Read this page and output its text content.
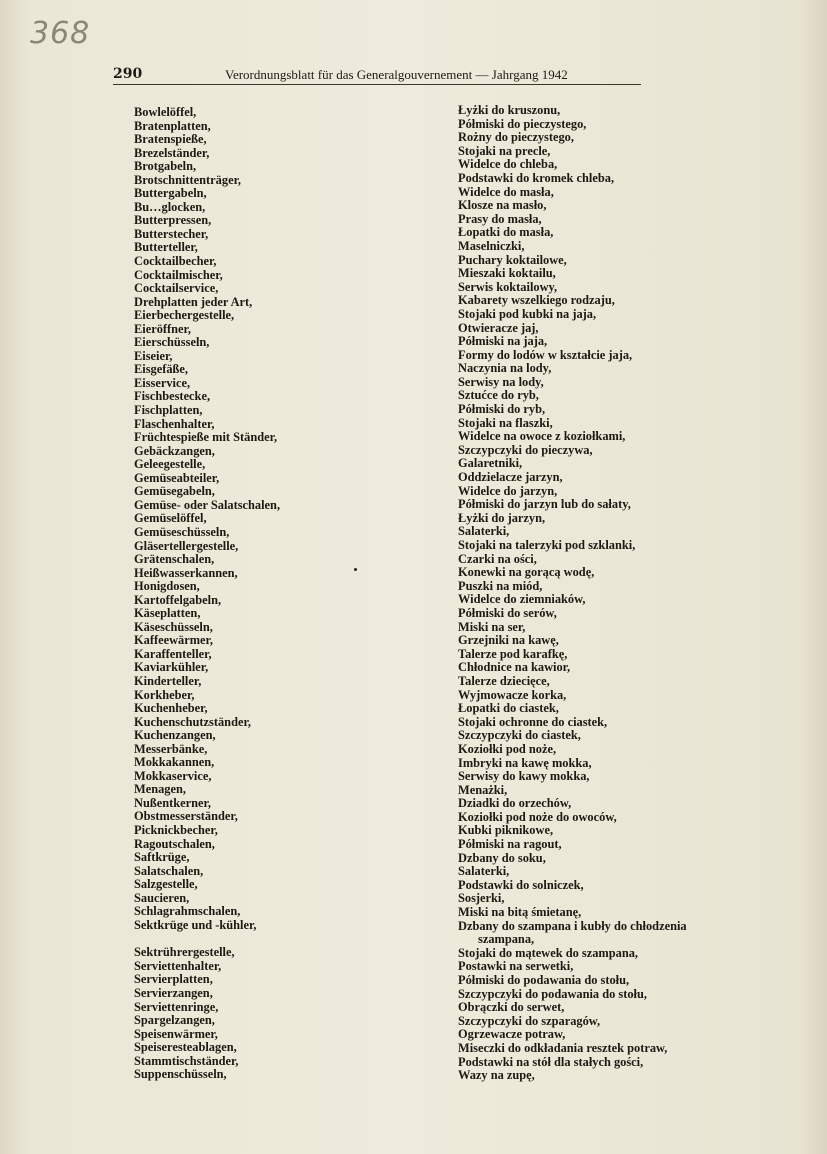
368
290	Verordnungsblatt für das Generalgouvernement — Jahrgang 1942
Bowlelöffel,
Bratenplatten,
Bratenspieße,
Brezelständer,
Brotgabeln,
Brotschnittenträger,
Buttergabeln,
Bu…glocken,
Butterpressen,
Butterstecher,
Butterteller,
Cocktailbecher,
Cocktailmischer,
Cocktailservice,
Drehplatten jeder Art,
Eierbechergestelle,
Eieröffner,
Eierschüsseln,
Eiseier,
Eisgefäße,
Eisservice,
Fischbestecke,
Fischplatten,
Flaschenhalter,
Früchtespieße mit Ständer,
Gebäckzangen,
Geleegestelle,
Gemüseabteiler,
Gemüsegabeln,
Gemüse- oder Salatschalen,
Gemüselöffel,
Gemüseschüsseln,
Gläsertellergestelle,
Grätenschalen,
Heißwasserkannen,
Honigdosen,
Kartoffelgabeln,
Käseplatten,
Käseschüsseln,
Kaffeewärmer,
Karaffenteller,
Kaviarkühler,
Kinderteller,
Korkheber,
Kuchenheber,
Kuchenschutzständer,
Kuchenzangen,
Messerbänke,
Mokkakannen,
Mokkaservice,
Menagen,
Nußentkerner,
Obstmesserständer,
Picknickbecher,
Ragoutschalen,
Saftkrüge,
Salatschalen,
Salzgestelle,
Saucieren,
Schlagrahmschalen,
Sektkrüge und -kühler,
Sektrührergestelle,
Serviettenhalter,
Servierplatten,
Servierzangen,
Serviettenringe,
Spargelzangen,
Speisenwärmer,
Speiseresteablagen,
Stammtischständer,
Suppenschüsseln,
Łyżki do kruszonu,
Półmiski do pieczystego,
Rożny do pieczystego,
Stojaki na precle,
Widelce do chleba,
Podstawki do kromek chleba,
Widelce do masła,
Klosze na masło,
Prasy do masła,
Łopatki do masła,
Maselniczki,
Puchary koktailowe,
Mieszaki koktailu,
Serwis koktailowy,
Kabarety wszelkiego rodzaju,
Stojaki pod kubki na jaja,
Otwieracze jaj,
Półmiski na jaja,
Formy do lodów w kształcie jaja,
Naczynia na lody,
Serwisy na lody,
Sztućce do ryb,
Półmiski do ryb,
Stojaki na flaszki,
Widelce na owoce z koziołkami,
Szczypczyki do pieczywa,
Galaretniki,
Oddzielacze jarzyn,
Widelce do jarzyn,
Półmiski do jarzyn lub do sałaty,
Łyżki do jarzyn,
Salaterki,
Stojaki na talerzyki pod szklanki,
Czarki na ości,
Konewki na gorącą wodę,
Puszki na miód,
Widelce do ziemniaków,
Półmiski do serów,
Miski na ser,
Grzejniki na kawę,
Talerze pod karafkę,
Chłodnice na kawior,
Talerze dziecięce,
Wyjmowacze korka,
Łopatki do ciastek,
Stojaki ochronne do ciastek,
Szczypczyki do ciastek,
Koziołki pod noże,
Imbryki na kawę mokka,
Serwisy do kawy mokka,
Menażki,
Dziadki do orzechów,
Koziołki pod noże do owoców,
Kubki piknikowe,
Półmiski na ragout,
Dzbany do soku,
Salaterki,
Podstawki do solniczek,
Sosjerki,
Miski na bitą śmietanę,
Dzbany do szampana i kubły do chłodzenia
szampana,
Stojaki do mątewek do szampana,
Postawki na serwetki,
Półmiski do podawania do stołu,
Szczypczyki do podawania do stołu,
Obrączki do serwet,
Szczypczyki do szparagów,
Ogrzewacze potraw,
Miseczki do odkładania resztek potraw,
Podstawki na stół dla stałych gości,
Wazy na zupę,
